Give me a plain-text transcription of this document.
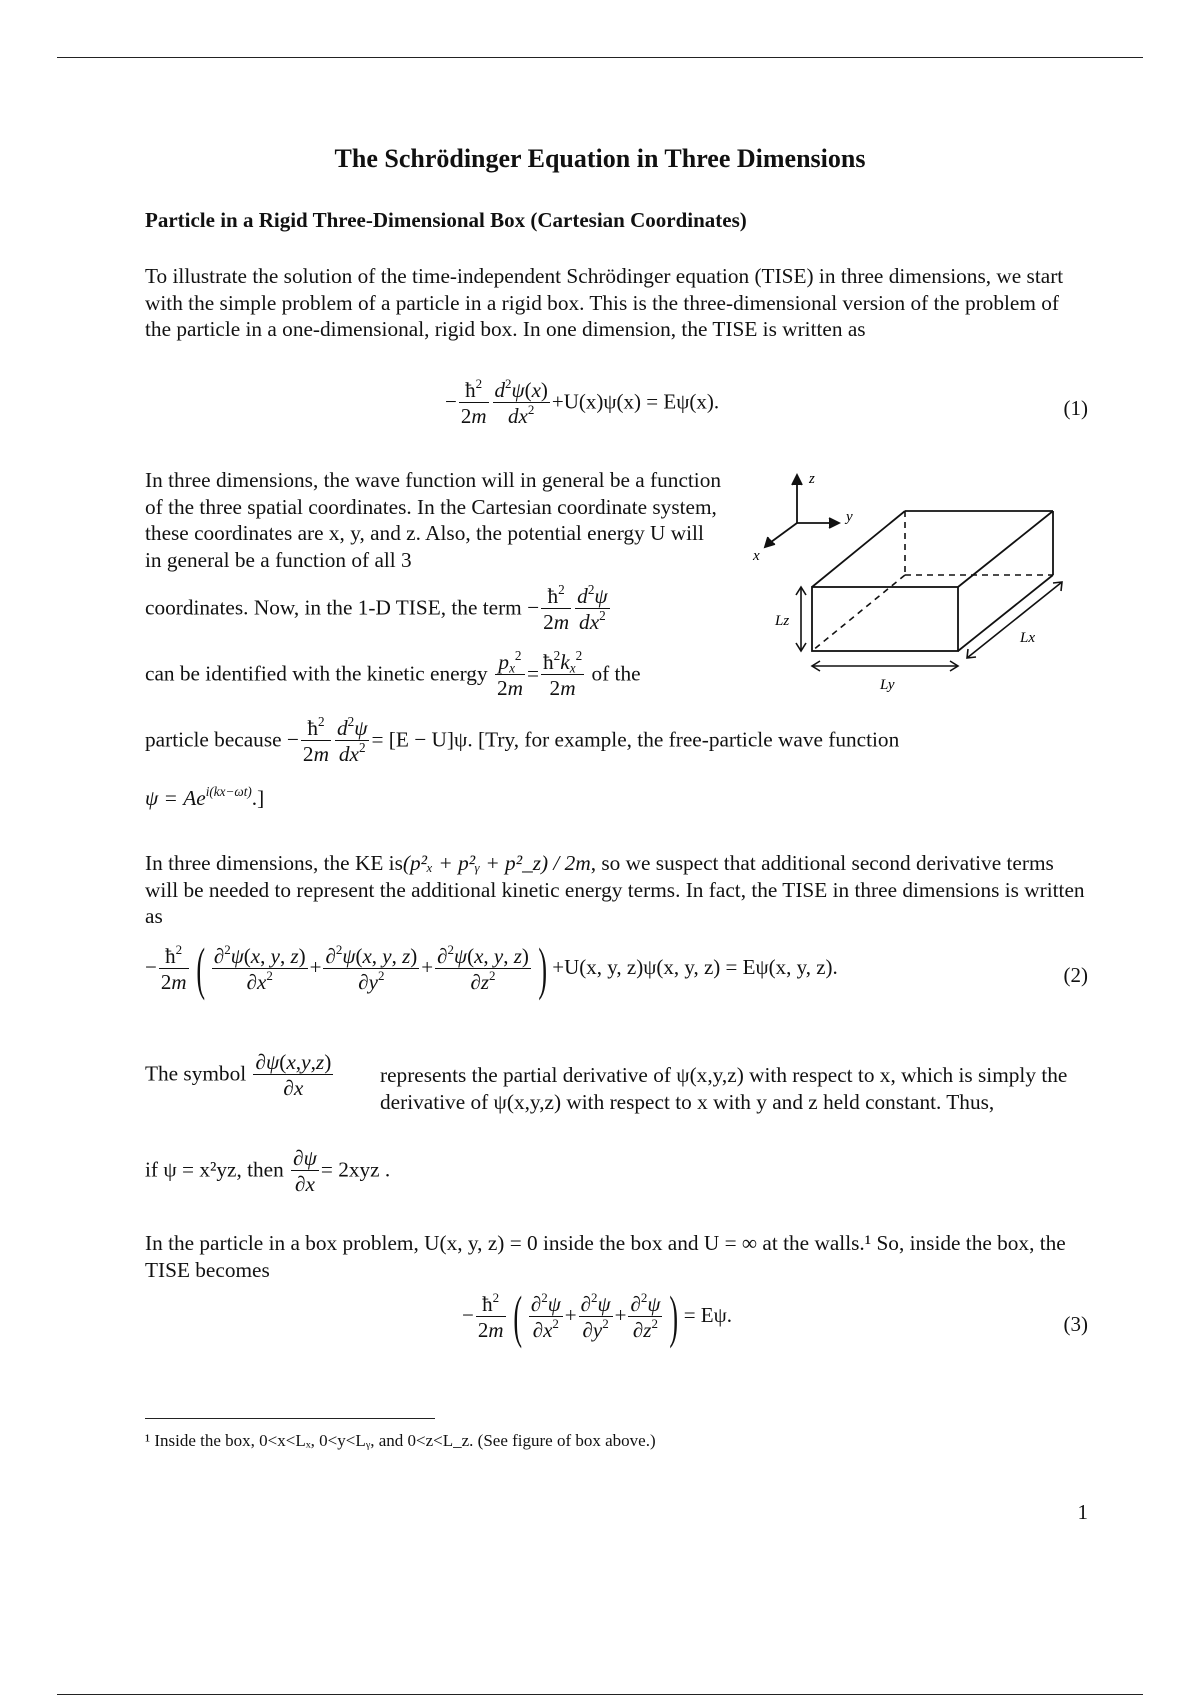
The Schrödinger Equation in Three Dimensions
Particle in a Rigid Three-Dimensional Box (Cartesian Coordinates)

To illustrate the solution of the time-independent Schrödinger equation (TISE) in three dimensions, we start with the simple problem of a particle in a rigid box. This is the three-dimensional version of the problem of the particle in a one-dimensional, rigid box. In one dimension, the TISE is written as

− $\frac{ħ^2}{2m} \frac{d^2\psi(x)}{dx^2} +U(x)\psi(x) = E\psi(x)$.	(1)

In three dimensions, the wave function will in general be a function of the three spatial coordinates. In the Cartesian coordinate system, these coordinates are x, y, and z. Also, the potential energy U will in general be a function of all 3

coordinates. Now, in the 1-D TISE, the term − $\frac{ħ^2}{2m} \frac{d^2\psi}{dx^2}$
can be identified with the kinetic energy $\frac{p_x^2}{2m} = \frac{ħ^2k_x^2}{2m}$ of the
particle because − $\frac{ħ^2}{2m} \frac{d^2\psi}{dx^2} = [E - U]\psi$. [Try, for example, the free-particle wave function
$\psi = Ae^{i(kx-\omega t)}$.]
z
y
x
Lz
Lx
Ly

In three dimensions, the KE is(p²ₓ + p²ᵧ + p²_z) / 2m, so we suspect that additional second derivative terms will be needed to represent the additional kinetic energy terms. In fact, the TISE in three dimensions is written as

− $\frac{ħ^2}{2m}$ ( $\frac{\partial^2\psi(x, y, z)}{\partial x^2} + \frac{\partial^2\psi(x, y, z)}{\partial y^2} + \frac{\partial^2\psi(x, y, z)}{\partial z^2}$ ) +U(x, y, z)ψ(x, y, z) = Eψ(x, y, z).	(2)
The symbol $\frac{\partial\psi(x,y,z)}{\partial x}$ represents the partial derivative of ψ(x,y,z) with respect to x, which is simply the derivative of ψ(x,y,z) with respect to x with y and z held constant. Thus,

if ψ = x²yz, then $\frac{\partial\psi}{\partial x} = 2xyz$ .

In the particle in a box problem, U(x, y, z) = 0 inside the box and U = ∞ at the walls.¹ So, inside the box, the TISE becomes

− $\frac{ħ^2}{2m}$ ( $\frac{\partial^2\psi}{\partial x^2} + \frac{\partial^2\psi}{\partial y^2} + \frac{\partial^2\psi}{\partial z^2}$ ) = Eψ.	(3)
¹ Inside the box, 0<x<Lₓ, 0<y<Lᵧ, and 0<z<L_z. (See figure of box above.)
1
